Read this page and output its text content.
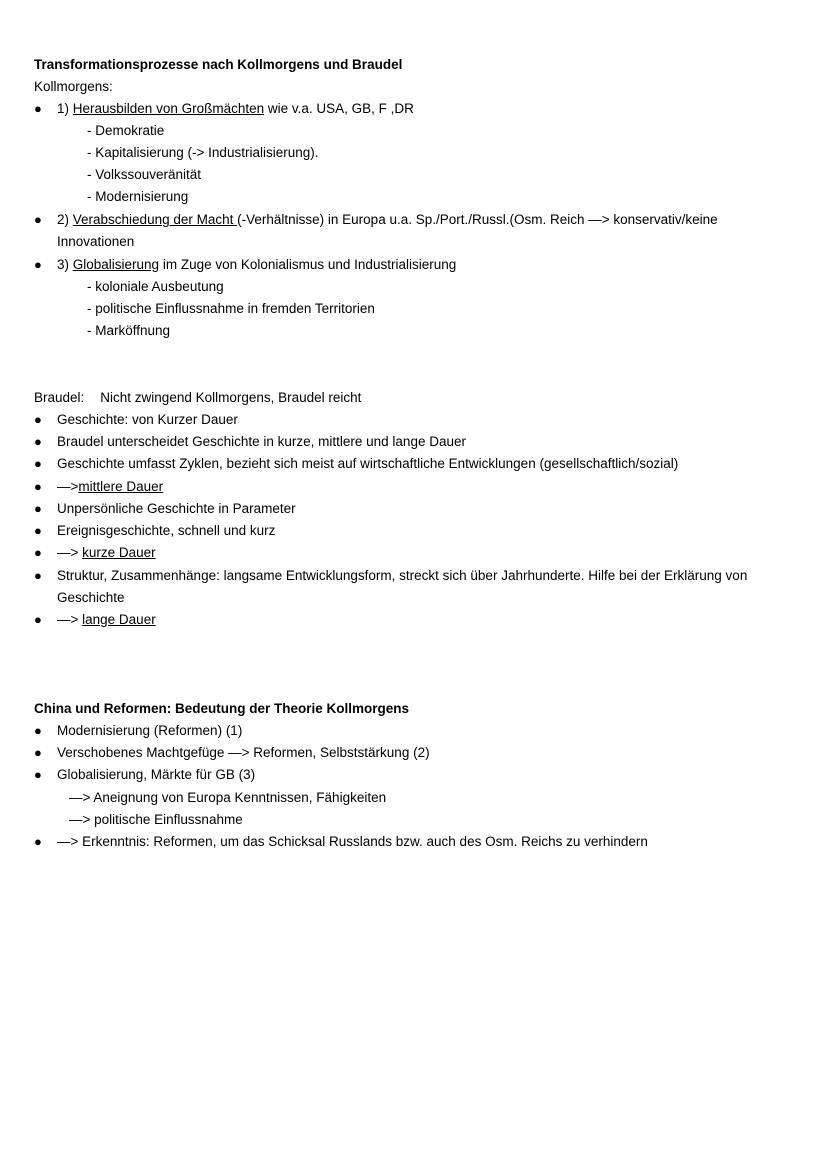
Transformationsprozesse nach Kollmorgens und Braudel
Kollmorgens:
● 1) Herausbilden von Großmächten wie v.a. USA, GB, F ,DR
- Demokratie
- Kapitalisierung (-> Industrialisierung).
- Volkssouveränität
- Modernisierung
● 2) Verabschiedung der Macht (-Verhältnisse) in Europa u.a. Sp./Port./Russl.(Osm. Reich —> konservativ/keine
Innovationen
● 3) Globalisierung im Zuge von Kolonialismus und Industrialisierung
- koloniale Ausbeutung
- politische Einflussnahme in fremden Territorien
- Marköffnung
Braudel: Nicht zwingend Kollmorgens, Braudel reicht
● Geschichte: von Kurzer Dauer
● Braudel unterscheidet Geschichte in kurze, mittlere und lange Dauer
● Geschichte umfasst Zyklen, bezieht sich meist auf wirtschaftliche Entwicklungen (gesellschaftlich/sozial)
● —>mittlere Dauer
● Unpersönliche Geschichte in Parameter
● Ereignisgeschichte, schnell und kurz
● —> kurze Dauer
● Struktur, Zusammenhänge: langsame Entwicklungsform, streckt sich über Jahrhunderte. Hilfe bei der Erklärung von
Geschichte
● —> lange Dauer
China und Reformen: Bedeutung der Theorie Kollmorgens
● Modernisierung (Reformen) (1)
● Verschobenes Machtgefüge —> Reformen, Selbststärkung (2)
● Globalisierung, Märkte für GB (3)
—> Aneignung von Europa Kenntnissen, Fähigkeiten
—> politische Einflussnahme
● —> Erkenntnis: Reformen, um das Schicksal Russlands bzw. auch des Osm. Reichs zu verhindern
